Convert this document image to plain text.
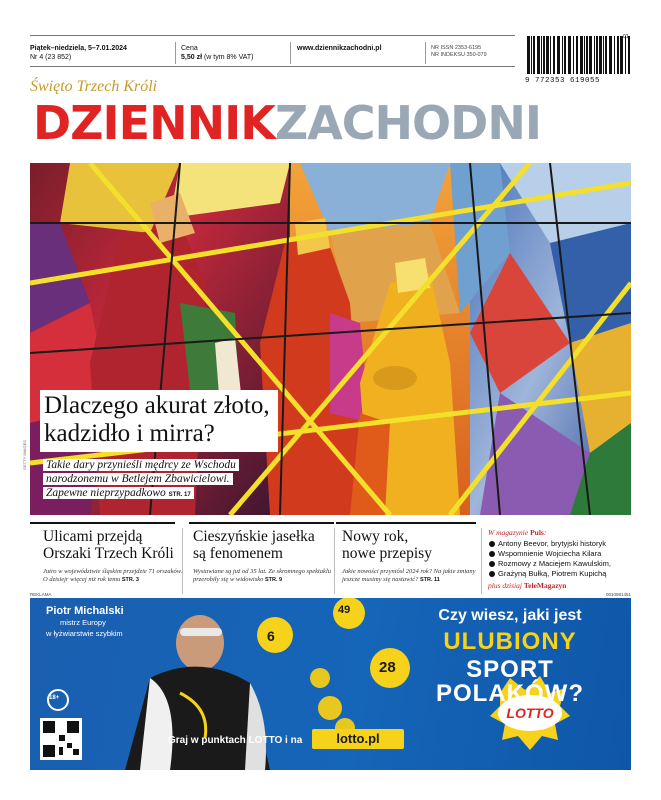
Piątek–niedziela, 5–7.01.2024
Nr 4 (23 852)
Cena
5,50 zł (w tym 8% VAT)
www.dziennikzachodni.pl	NR ISSN 2353-6195
NR INDEKSU 350-079
9 772353 619055
01
Święto Trzech Króli
DZIENNIKZACHODNI
GETTY IMAGES
Dlaczego akurat złoto,
kadzidło i mirra?
Takie dary przynieśli mędrcy ze Wschodu
narodzonemu w Betlejem Zbawicielowi.
Zapewne nieprzypadkowo STR. 17
Ulicami przejdą
Orszaki Trzech Króli

Jutro w województwie śląskim przejdzie 71 orszaków. O dzisiejr więcej niż rok temu STR. 3

Cieszyńskie jasełka
są fenomenem

Wystawiane są już od 35 lat. Ze skromnego spektaklu przerobiły się w widowisko STR. 9

Nowy rok,
nowe przepisy

Jakie nowości przyniósł 2024 rok? Na jakie zmiany jeszcze musimy się nastawić? STR. 11

W magazynie Puls:
Antony Beevor, brytyjski historyk
Wspomnienie Wojciecha Kilara
Rozmowy z Maciejem Kawulskim,
Grażyną Bułką, Piotrem Kupichą
plus dzisiaj TeleMagazyn
REKLAMA	0010981451
Piotr Michalski
mistrz Europy
w łyżwiarstwie szybkim
18+
6
49
28
Czy wiesz, jaki jest
ULUBIONY
SPORT POLAKÓW?
Graj w punktach LOTTO i na	lotto.pl
LOTTO
